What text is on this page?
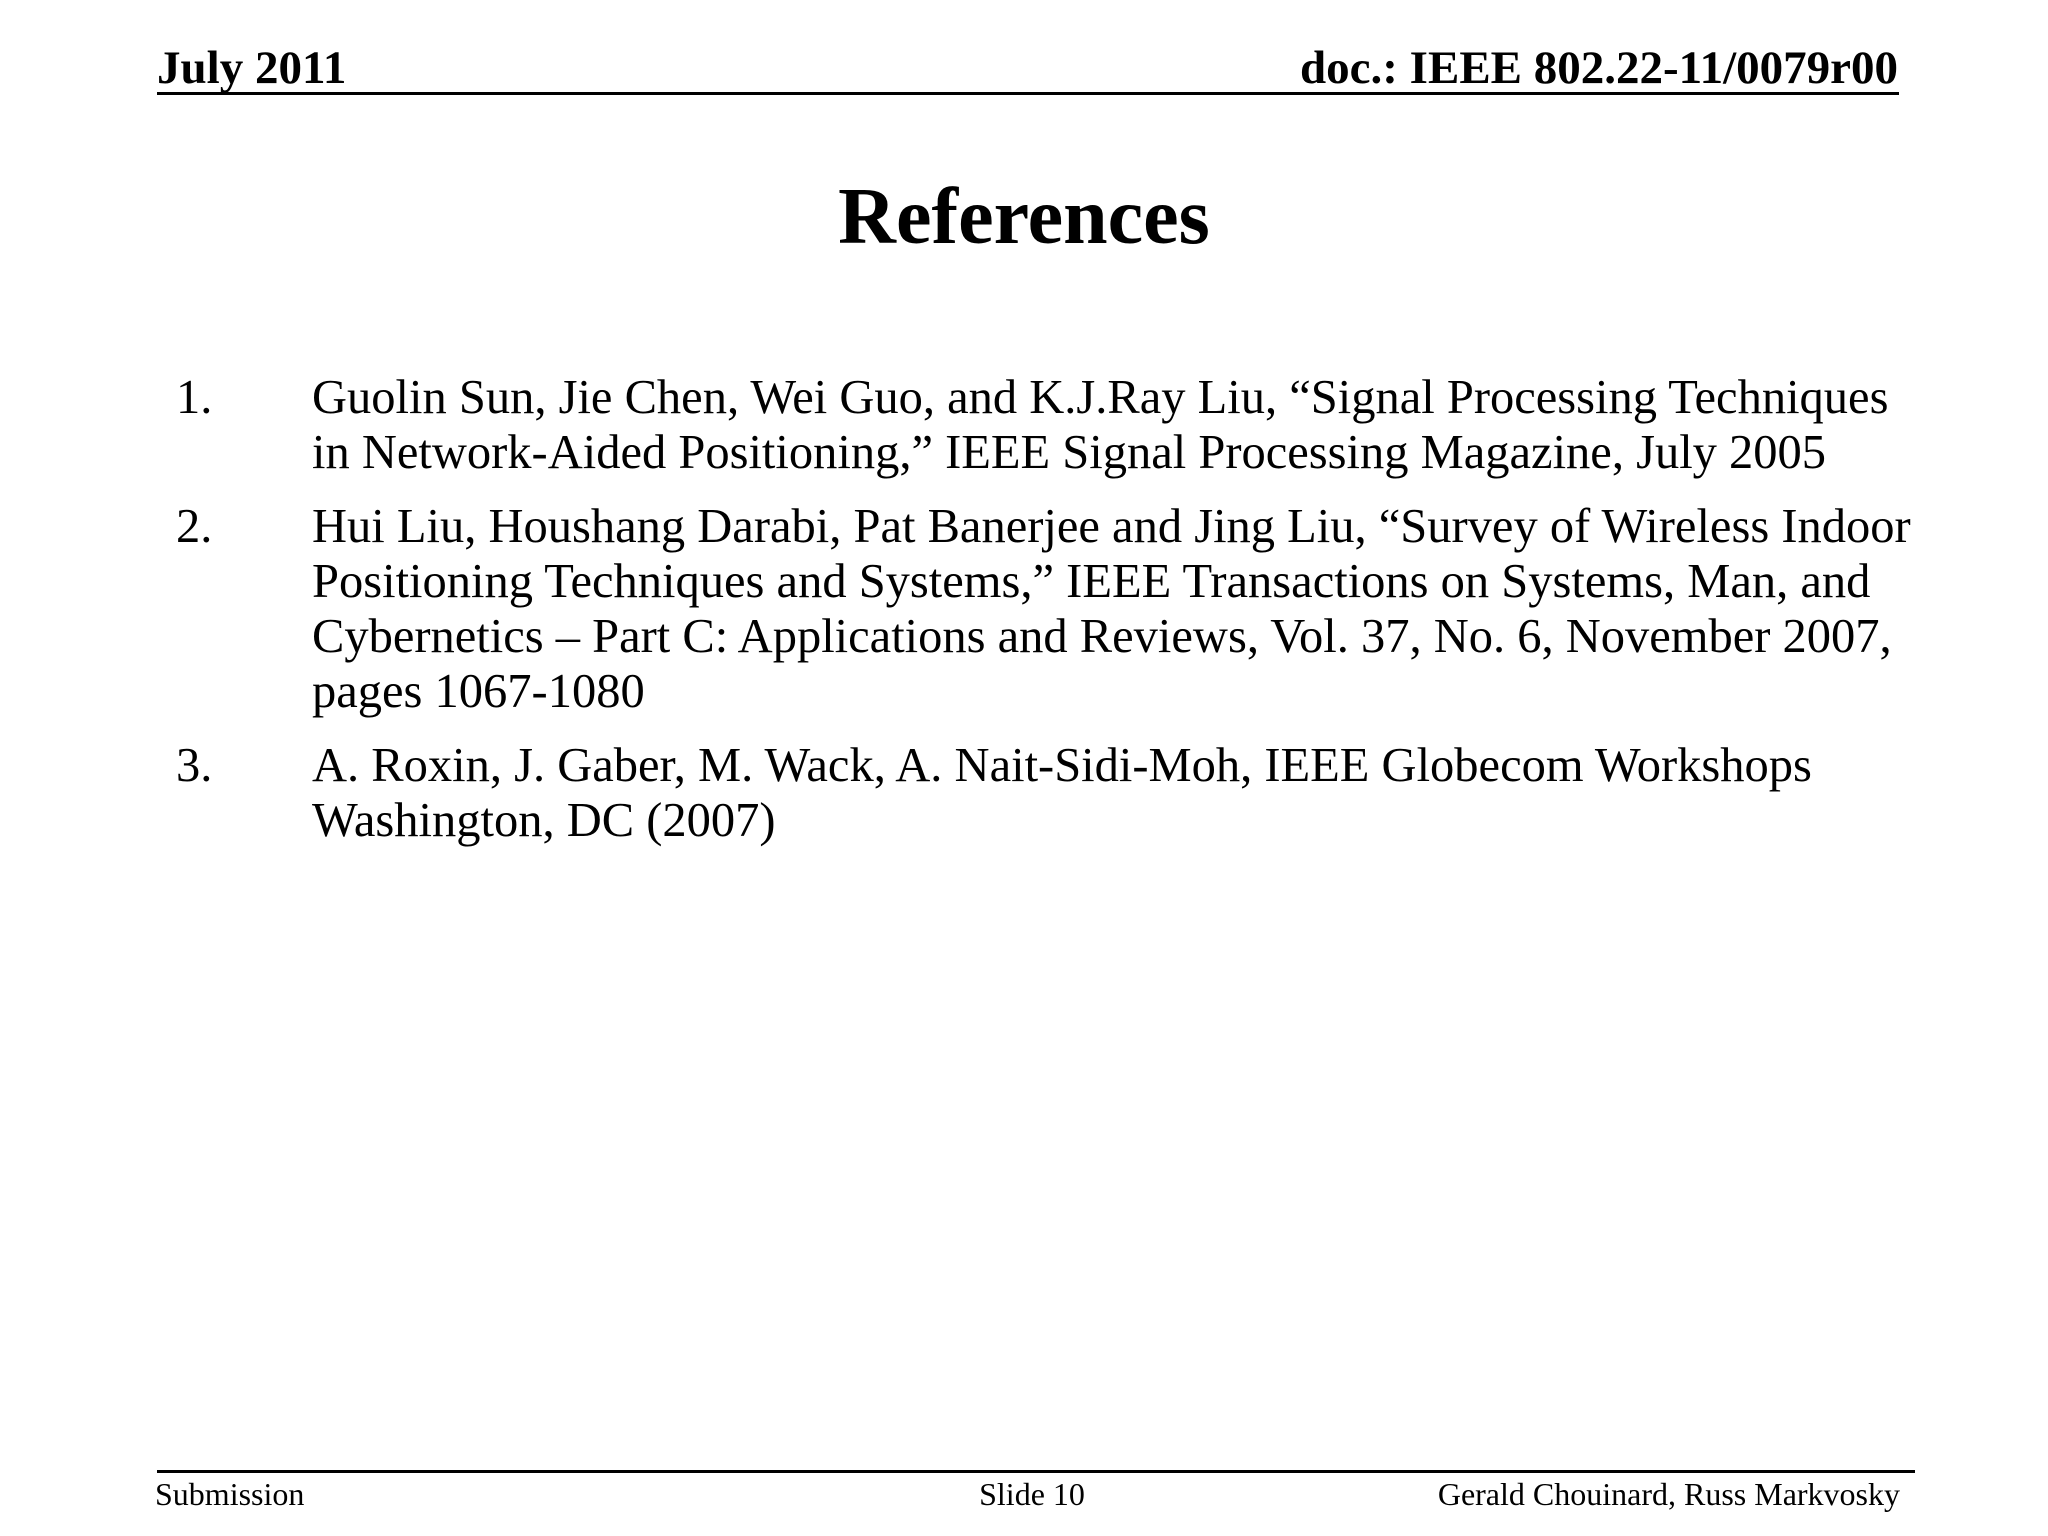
July 2011	doc.: IEEE 802.22-11/0079r00
References
1. Guolin Sun, Jie Chen, Wei Guo, and K.J.Ray Liu, “Signal Processing Techniques in Network-Aided Positioning,” IEEE Signal Processing Magazine, July 2005
2. Hui Liu, Houshang Darabi, Pat Banerjee and Jing Liu, “Survey of Wireless Indoor Positioning Techniques and Systems,” IEEE Transactions on Systems, Man, and Cybernetics – Part C: Applications and Reviews, Vol. 37, No. 6, November 2007, pages 1067-1080
3. A. Roxin, J. Gaber, M. Wack, A. Nait-Sidi-Moh, IEEE Globecom Workshops Washington, DC (2007)
Submission	Slide 10	Gerald Chouinard, Russ Markvosky
